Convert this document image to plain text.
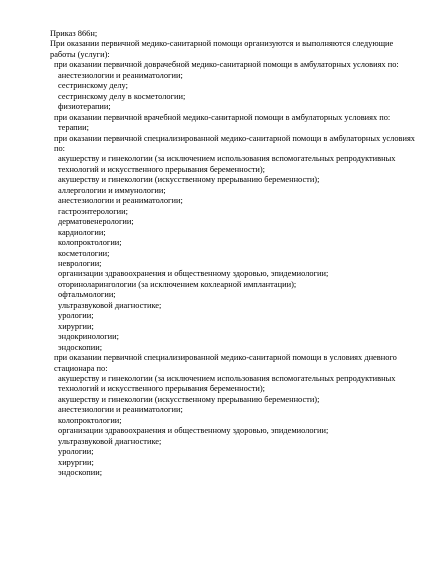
Приказ 866н;
При оказании первичной медико-санитарной помощи организуются и выполняются следующие работы (услуги):
при оказании первичной доврачебной медико-санитарной помощи в амбулаторных условиях по:
анестезиологии и реаниматологии;
сестринскому делу;
сестринскому делу в косметологии;
физиотерапии;
при оказании первичной врачебной медико-санитарной помощи в амбулаторных условиях по:
терапии;
при оказании первичной специализированной медико-санитарной помощи в амбулаторных условиях по:
акушерству и гинекологии (за исключением использования вспомогательных репродуктивных технологий и искусственного прерывания беременности);
акушерству и гинекологии (искусственному прерыванию беременности);
аллергологии и иммунологии;
анестезиологии и реаниматологии;
гастроэнтерологии;
дерматовенерологии;
кардиологии;
колопроктологии;
косметологии;
неврологии;
организации здравоохранения и общественному здоровью, эпидемиологии;
оториноларингологии (за исключением кохлеарной имплантации);
офтальмологии;
ультразвуковой диагностике;
урологии;
хирургии;
эндокринологии;
эндоскопии;
при оказании первичной специализированной медико-санитарной помощи в условиях дневного стационара по:
акушерству и гинекологии (за исключением использования вспомогательных репродуктивных технологий и искусственного прерывания беременности);
акушерству и гинекологии (искусственному прерыванию беременности);
анестезиологии и реаниматологии;
колопроктологии;
организации здравоохранения и общественному здоровью, эпидемиологии;
ультразвуковой диагностике;
урологии;
хирургии;
эндоскопии;
